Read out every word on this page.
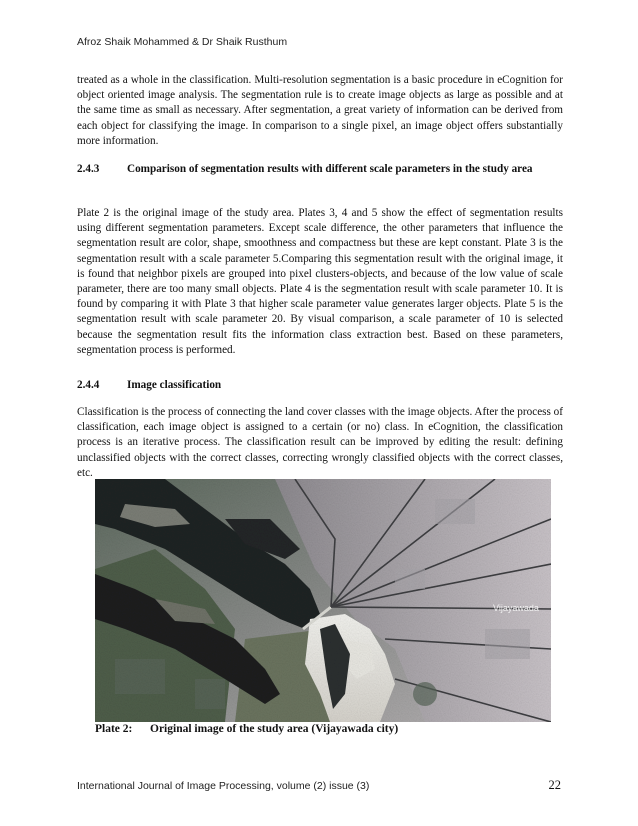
Afroz Shaik Mohammed & Dr Shaik Rusthum

treated as a whole in the classification. Multi-resolution segmentation is a basic procedure in eCognition for object oriented image analysis. The segmentation rule is to create image objects as large as possible and at the same time as small as necessary. After segmentation, a great variety of information can be derived from each object for classifying the image. In comparison to a single pixel, an image object offers substantially more information.

2.4.3	Comparison of segmentation results with different scale parameters in the study area

Plate 2 is the original image of the study area. Plates 3, 4 and 5 show the effect of segmentation results using different segmentation parameters. Except scale difference, the other parameters that influence the segmentation result are color, shape, smoothness and compactness but these are kept constant. Plate 3 is the segmentation result with a scale parameter 5.Comparing this segmentation result with the original image, it is found that neighbor pixels are grouped into pixel clusters-objects, and because of the low value of scale parameter, there are too many small objects. Plate 4 is the segmentation result with scale parameter 10. It is found by comparing it with Plate 3 that higher scale parameter value generates larger objects. Plate 5 is the segmentation result with scale parameter 20. By visual comparison, a scale parameter of 10 is selected because the segmentation result fits the information class extraction best. Based on these parameters, segmentation process is performed.

2.4.4	Image classification

Classification is the process of connecting the land cover classes with the image objects. After the process of classification, each image object is assigned to a certain (or no) class. In eCognition, the classification process is an iterative process. The classification result can be improved by editing the result: defining unclassified objects with the correct classes, correcting wrongly classified objects with the correct classes, etc.

Vijayawada
Plate 2:	Original image of the study area (Vijayawada city)
International Journal of Image Processing, volume (2) issue (3)	22
